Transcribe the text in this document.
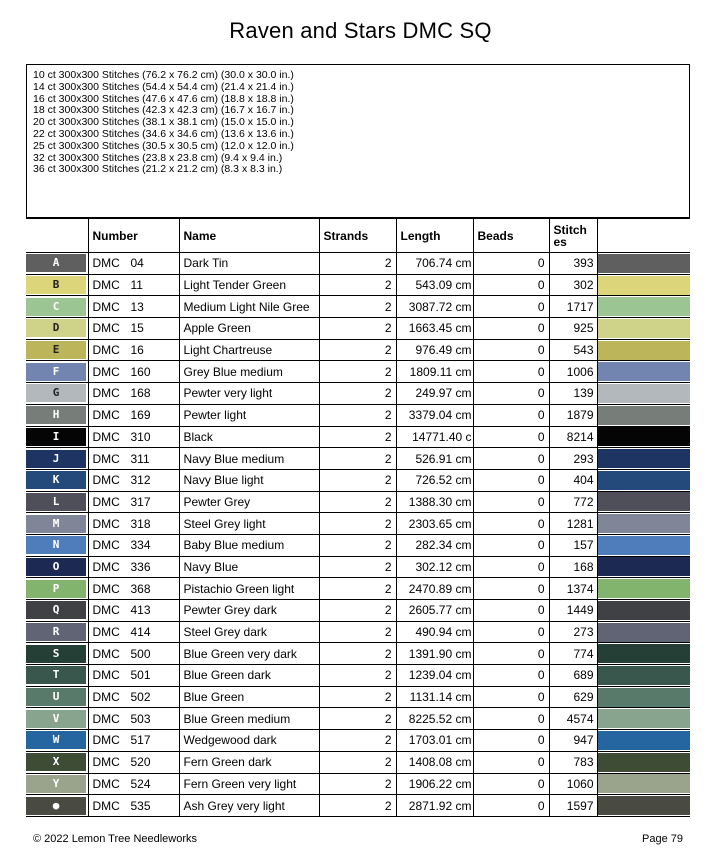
Raven and Stars DMC SQ
10 ct 300x300 Stitches (76.2 x 76.2 cm) (30.0 x 30.0 in.)
14 ct 300x300 Stitches (54.4 x 54.4 cm) (21.4 x 21.4 in.)
16 ct 300x300 Stitches (47.6 x 47.6 cm) (18.8 x 18.8 in.)
18 ct 300x300 Stitches (42.3 x 42.3 cm) (16.7 x 16.7 in.)
20 ct 300x300 Stitches (38.1 x 38.1 cm) (15.0 x 15.0 in.)
22 ct 300x300 Stitches (34.6 x 34.6 cm) (13.6 x 13.6 in.)
25 ct 300x300 Stitches (30.5 x 30.5 cm) (12.0 x 12.0 in.)
32 ct 300x300 Stitches (23.8 x 23.8 cm) (9.4 x 9.4 in.)
36 ct 300x300 Stitches (21.2 x 21.2 cm) (8.3 x 8.3 in.)
	Number	Name	Strands	Length	Beads	Stitch es	

A	DMC 04	Dark Tin	2	706.74 cm	0	393	

B	DMC 11	Light Tender Green	2	543.09 cm	0	302	

C	DMC 13	Medium Light Nile Gree	2	3087.72 cm	0	1717	

D	DMC 15	Apple Green	2	1663.45 cm	0	925	

E	DMC 16	Light Chartreuse	2	976.49 cm	0	543	

F	DMC 160	Grey Blue medium	2	1809.11 cm	0	1006	

G	DMC 168	Pewter very light	2	249.97 cm	0	139	

H	DMC 169	Pewter light	2	3379.04 cm	0	1879	

I	DMC 310	Black	2	14771.40 c	0	8214	

J	DMC 311	Navy Blue medium	2	526.91 cm	0	293	

K	DMC 312	Navy Blue light	2	726.52 cm	0	404	

L	DMC 317	Pewter Grey	2	1388.30 cm	0	772	

M	DMC 318	Steel Grey light	2	2303.65 cm	0	1281	

N	DMC 334	Baby Blue medium	2	282.34 cm	0	157	

O	DMC 336	Navy Blue	2	302.12 cm	0	168	

P	DMC 368	Pistachio Green light	2	2470.89 cm	0	1374	

Q	DMC 413	Pewter Grey dark	2	2605.77 cm	0	1449	

R	DMC 414	Steel Grey dark	2	490.94 cm	0	273	

S	DMC 500	Blue Green very dark	2	1391.90 cm	0	774	

T	DMC 501	Blue Green dark	2	1239.04 cm	0	689	

U	DMC 502	Blue Green	2	1131.14 cm	0	629	

V	DMC 503	Blue Green medium	2	8225.52 cm	0	4574	

W	DMC 517	Wedgewood dark	2	1703.01 cm	0	947	

X	DMC 520	Fern Green dark	2	1408.08 cm	0	783	

Y	DMC 524	Fern Green very light	2	1906.22 cm	0	1060	

●	DMC 535	Ash Grey very light	2	2871.92 cm	0	1597	
© 2022 Lemon Tree Needleworks	Page 79
